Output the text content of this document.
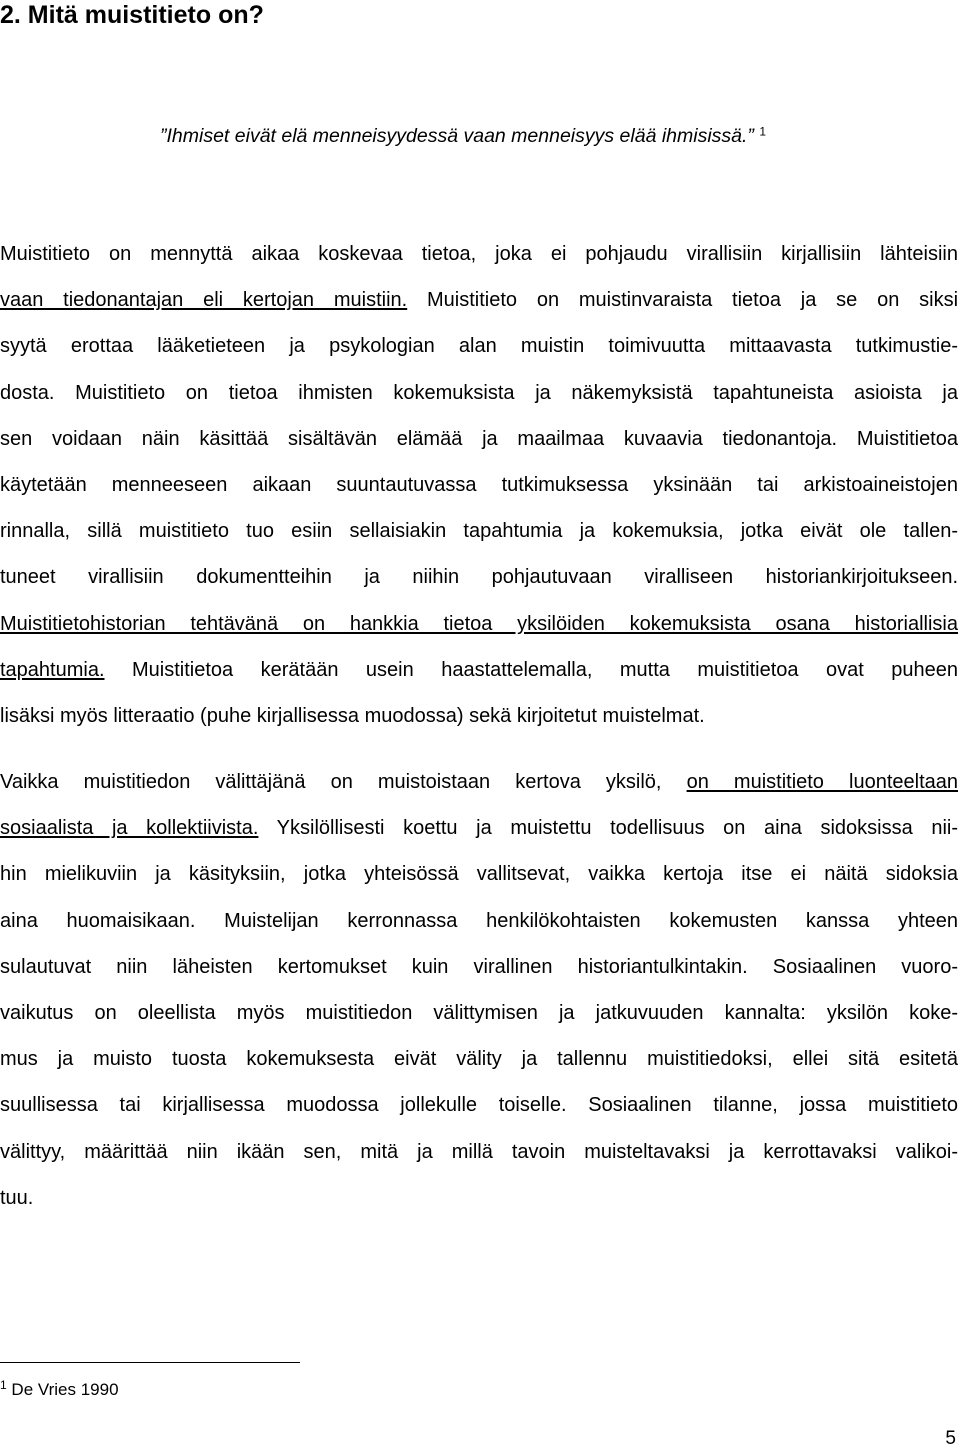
2. Mitä muistitieto on?

”Ihmiset eivät elä menneisyydessä vaan menneisyys elää ihmisissä.” $^1$

Muistitieto on mennyttä aikaa koskevaa tietoa, joka ei pohjaudu virallisiin kirjallisiin lähteisiin
vaan tiedonantajan eli kertojan muistiin. Muistitieto on muistinvaraista tietoa ja se on siksi
syytä erottaa lääketieteen ja psykologian alan muistin toimivuutta mittaavasta tutkimustie-
dosta. Muistitieto on tietoa ihmisten kokemuksista ja näkemyksistä tapahtuneista asioista ja
sen voidaan näin käsittää sisältävän elämää ja maailmaa kuvaavia tiedonantoja. Muistitietoa
käytetään menneeseen aikaan suuntautuvassa tutkimuksessa yksinään tai arkistoaineistojen
rinnalla, sillä muistitieto tuo esiin sellaisiakin tapahtumia ja kokemuksia, jotka eivät ole tallen-
tuneet virallisiin dokumentteihin ja niihin pohjautuvaan viralliseen historiankirjoitukseen.
Muistitietohistorian tehtävänä on hankkia tietoa yksilöiden kokemuksista osana historiallisia
tapahtumia. Muistitietoa kerätään usein haastattelemalla, mutta muistitietoa ovat puheen
lisäksi myös litteraatio (puhe kirjallisessa muodossa) sekä kirjoitetut muistelmat.
Vaikka muistitiedon välittäjänä on muistoistaan kertova yksilö, on muistitieto luonteeltaan
sosiaalista ja kollektiivista. Yksilöllisesti koettu ja muistettu todellisuus on aina sidoksissa nii-
hin mielikuviin ja käsityksiin, jotka yhteisössä vallitsevat, vaikka kertoja itse ei näitä sidoksia
aina huomaisikaan. Muistelijan kerronnassa henkilökohtaisten kokemusten kanssa yhteen
sulautuvat niin läheisten kertomukset kuin virallinen historiantulkintakin. Sosiaalinen vuoro-
vaikutus on oleellista myös muistitiedon välittymisen ja jatkuvuuden kannalta: yksilön koke-
mus ja muisto tuosta kokemuksesta eivät välity ja tallennu muistitiedoksi, ellei sitä esitetä
suullisessa tai kirjallisessa muodossa jollekulle toiselle. Sosiaalinen tilanne, jossa muistitieto
välittyy, määrittää niin ikään sen, mitä ja millä tavoin muisteltavaksi ja kerrottavaksi valikoi-
tuu.
$^1$ De Vries 1990
5
